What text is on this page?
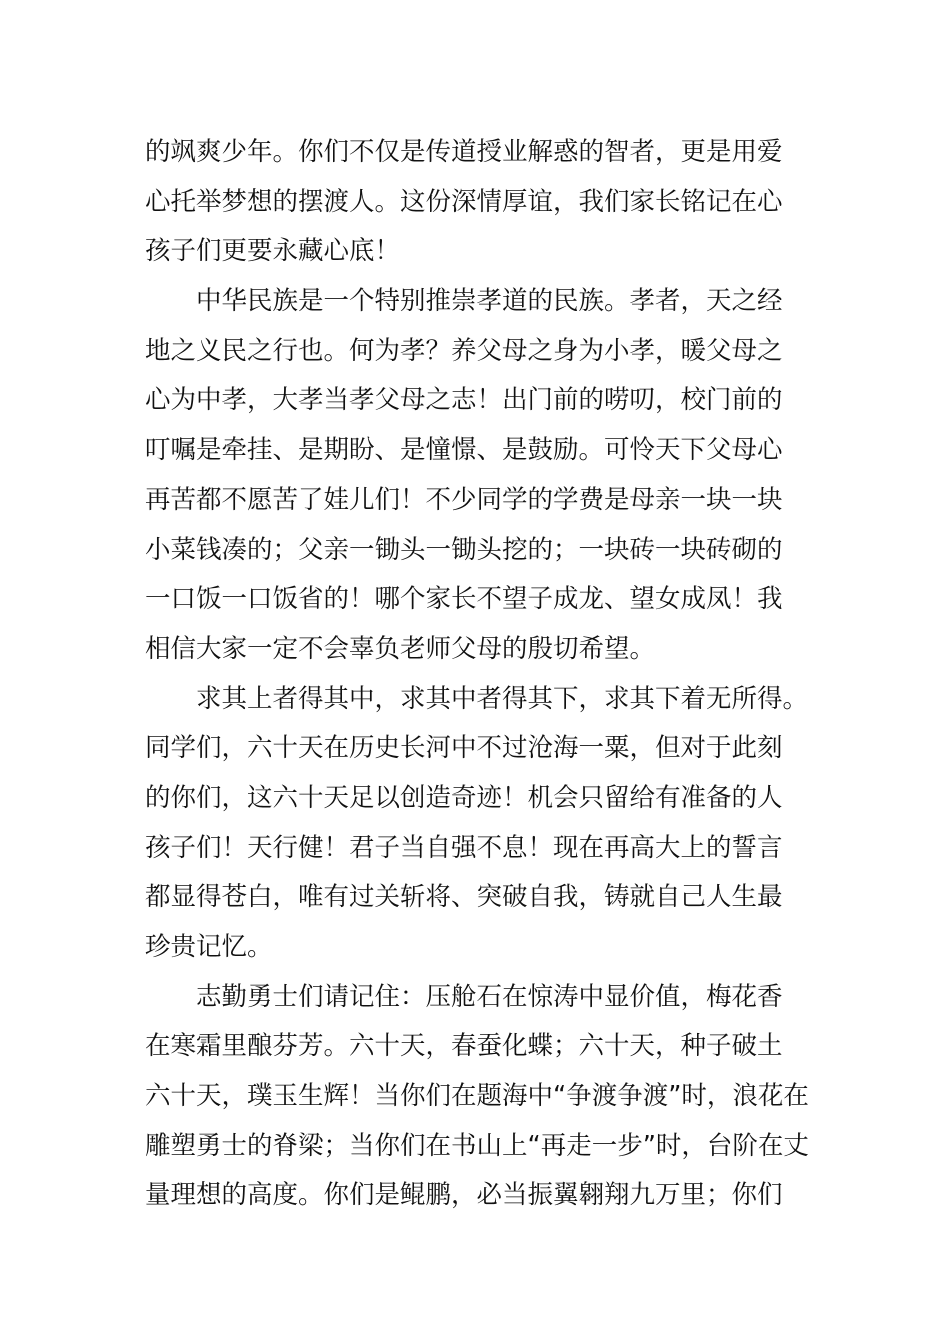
的飒爽少年。你们不仅是传道授业解惑的智者，更是用爱
心托举梦想的摆渡人。这份深情厚谊，我们家长铭记在心
孩子们更要永藏心底！
中华民族是一个特别推崇孝道的民族。孝者，天之经
地之义民之行也。何为孝？养父母之身为小孝，暖父母之
心为中孝，大孝当孝父母之志！出门前的唠叨，校门前的
叮嘱是牵挂、是期盼、是憧憬、是鼓励。可怜天下父母心
再苦都不愿苦了娃儿们！不少同学的学费是母亲一块一块
小菜钱凑的；父亲一锄头一锄头挖的；一块砖一块砖砌的
一口饭一口饭省的！哪个家长不望子成龙、望女成凤！我
相信大家一定不会辜负老师父母的殷切希望。
求其上者得其中，求其中者得其下，求其下着无所得。
同学们，六十天在历史长河中不过沧海一粟，但对于此刻
的你们，这六十天足以创造奇迹！机会只留给有准备的人
孩子们！天行健！君子当自强不息！现在再高大上的誓言
都显得苍白，唯有过关斩将、突破自我，铸就自己人生最
珍贵记忆。
志勤勇士们请记住：压舱石在惊涛中显价值，梅花香
在寒霜里酿芬芳。六十天，春蚕化蝶；六十天，种子破土
六十天，璞玉生辉！当你们在题海中“争渡争渡”时，浪花在
雕塑勇士的脊梁；当你们在书山上“再走一步”时，台阶在丈
量理想的高度。你们是鲲鹏，必当振翼翱翔九万里；你们
